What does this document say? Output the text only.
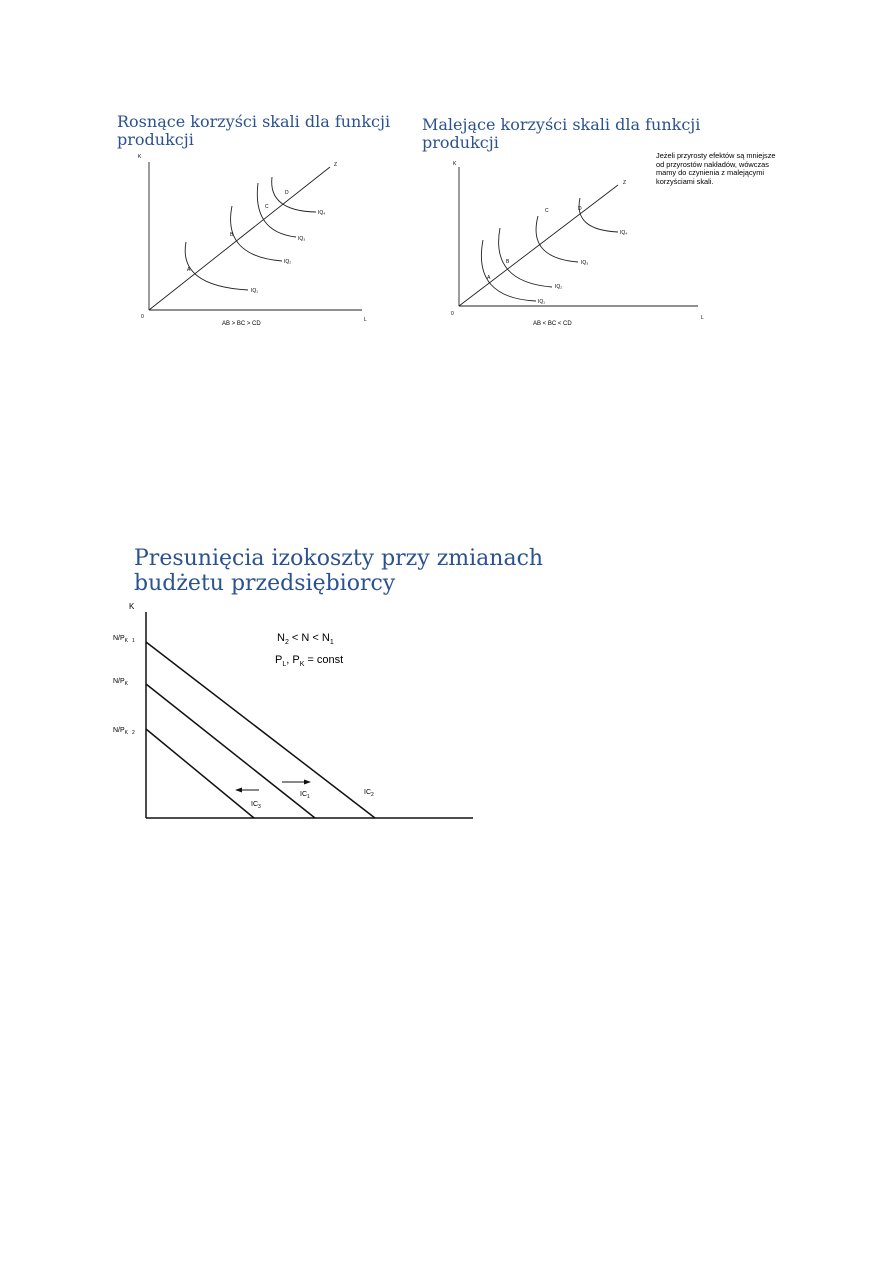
Rosnące korzyści skali dla funkcji produkcji
Malejące korzyści skali dla funkcji produkcji

Jeżeli przyrosty efektów są mniejsze od przyrostów nakładów, wówczas mamy do czynienia z malejącymi korzyściami skali.

Presunięcia izokoszty przy zmianach budżetu przedsiębiorcy
K
L
0
Z
A
B
C
D
IQ₁
IQ₂
IQ₃
IQ₄
AB > BC > CD
K
L
0
Z
A
B
C	D
IQ₁
IQ₂
IQ₃
IQ₄
AB < BC < CD
K
$N/P_K$ 1
$N/P_K$
$N/P_K$ 2
$N_2 < N < N_1$
$P_L$, $P_K$ = const
$IC_3$
$IC_1$
$IC_2$
